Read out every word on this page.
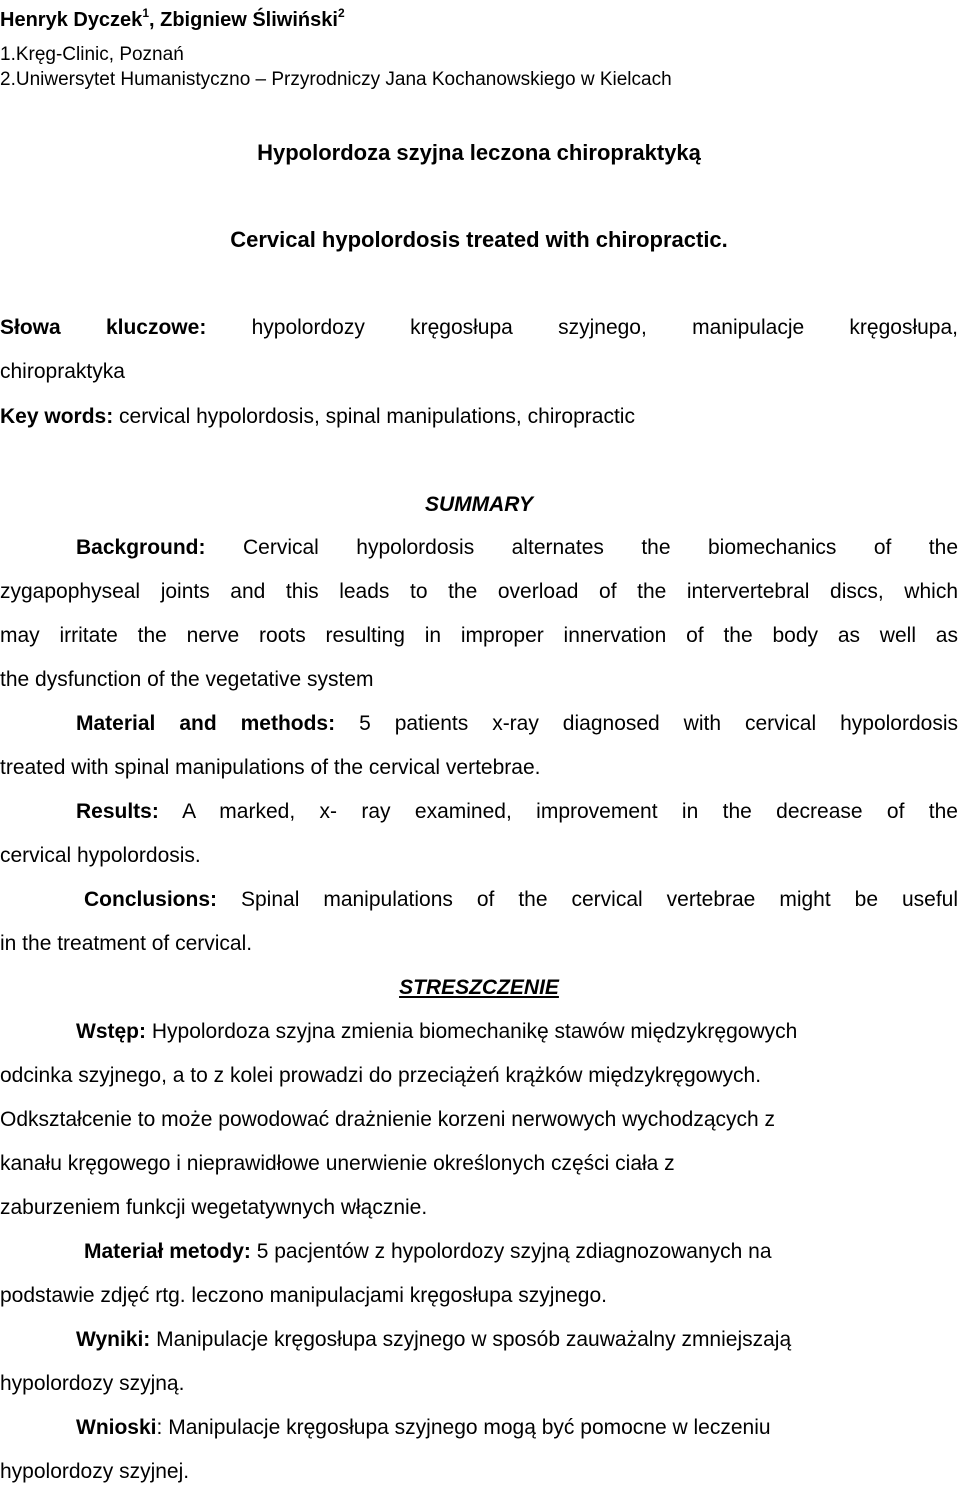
Henryk Dyczek$^1$, Zbigniew Śliwiński$^2$
1.Kręg-Clinic, Poznań
2.Uniwersytet Humanistyczno – Przyrodniczy Jana Kochanowskiego w Kielcach
Hypolordoza szyjna leczona chiropraktyką
Cervical hypolordosis treated with chiropractic.
Słowa kluczowe: hypolordozy kręgosłupa szyjnego, manipulacje kręgosłupa,
chiropraktyka
Key words: cervical hypolordosis, spinal manipulations, chiropractic
SUMMARY
Background: Cervical hypolordosis alternates the biomechanics of the
zygapophyseal joints and this leads to the overload of the intervertebral discs, which
may irritate the nerve roots resulting in improper innervation of the body as well as
the dysfunction of the vegetative system
Material and methods: 5 patients x-ray diagnosed with cervical hypolordosis
treated with spinal manipulations of the cervical vertebrae.
Results: A marked, x- ray examined, improvement in the decrease of the
cervical hypolordosis.
Conclusions: Spinal manipulations of the cervical vertebrae might be useful
in the treatment of cervical.
STRESZCZENIE
Wstęp: Hypolordoza szyjna zmienia biomechanikę stawów międzykręgowych
odcinka szyjnego, a to z kolei prowadzi do przeciążeń krążków międzykręgowych.
Odkształcenie to może powodować drażnienie korzeni nerwowych wychodzących z
kanału kręgowego i nieprawidłowe unerwienie określonych części ciała z
zaburzeniem funkcji wegetatywnych włącznie.
Materiał metody: 5 pacjentów z hypolordozy szyjną zdiagnozowanych na
podstawie zdjęć rtg. leczono manipulacjami kręgosłupa szyjnego.
Wyniki: Manipulacje kręgosłupa szyjnego w sposób zauważalny zmniejszają
hypolordozy szyjną.
Wnioski: Manipulacje kręgosłupa szyjnego mogą być pomocne w leczeniu
hypolordozy szyjnej.
